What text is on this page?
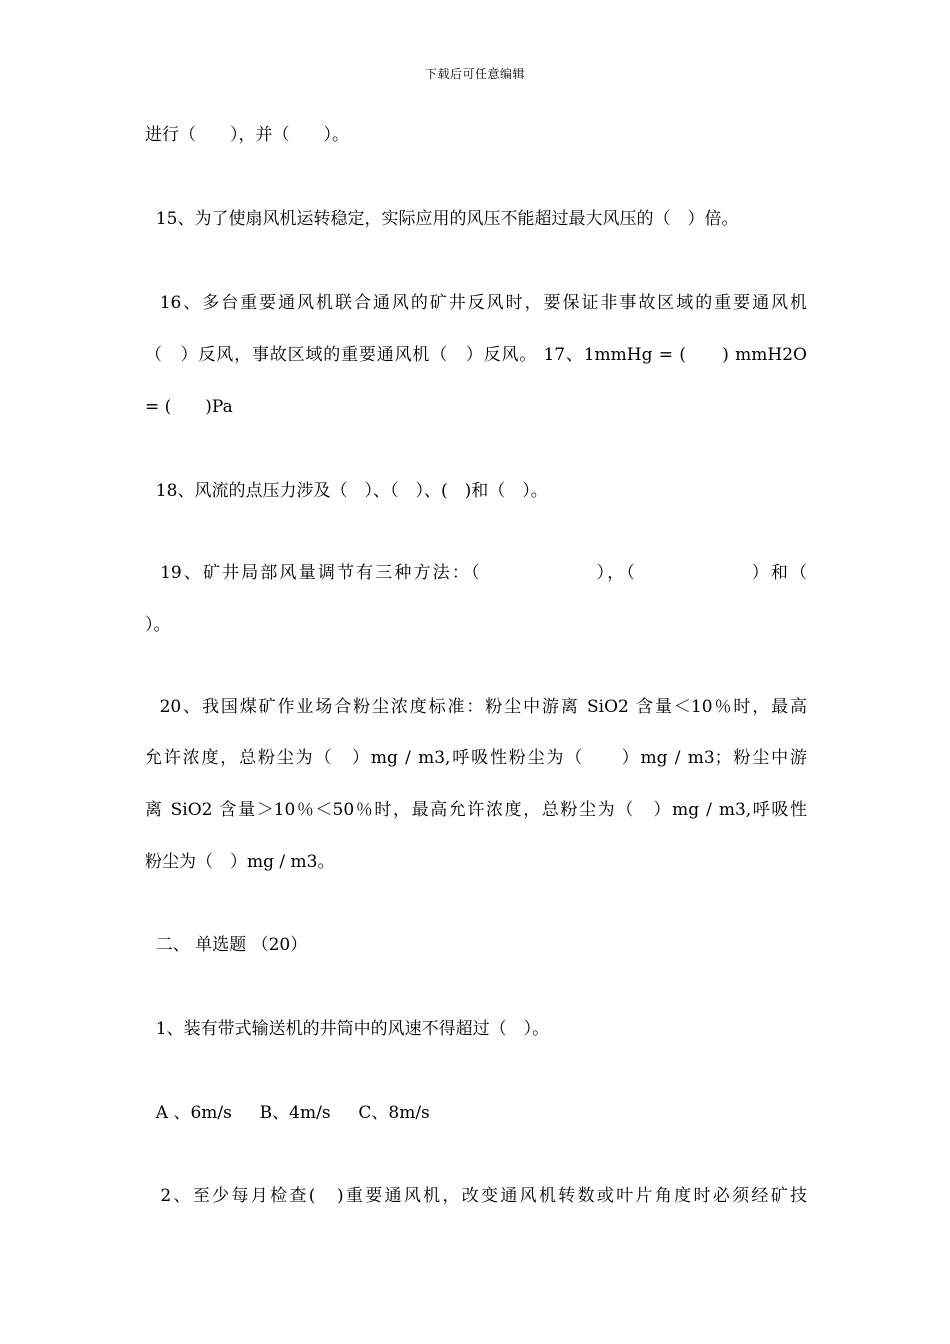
下载后可任意编辑
进行（　　），并（　　）。
15、为了使扇风机运转稳定，实际应用的风压不能超过最大风压的（　）倍。
16、多台重要通风机联合通风的矿井反风时，要保证非事故区域的重要通风机
（　）反风，事故区域的重要通风机（　）反风。 17、1mmHg = (　　) mmH2O
= (　　)Pa
18、风流的点压力涉及（　）、（　）、(　)和（　）。
19、矿井局部风量调节有三种方法：（　　　　　　），（　　　　　　）和（
）。
20、我国煤矿作业场合粉尘浓度标准：粉尘中游离 SiO2 含量＜10％时，最高
允许浓度，总粉尘为（　）mg / m3,呼吸性粉尘为（　　）mg / m3；粉尘中游
离 SiO2 含量＞10％＜50％时，最高允许浓度，总粉尘为（　）mg / m3,呼吸性
粉尘为（　）mg / m3。
二、 单选题 （20）
1、装有带式输送机的井筒中的风速不得超过（　）。
A 、6m/s　  B、4m/s　  C、8m/s
2、至少每月检查(　)重要通风机，改变通风机转数或叶片角度时必须经矿技
